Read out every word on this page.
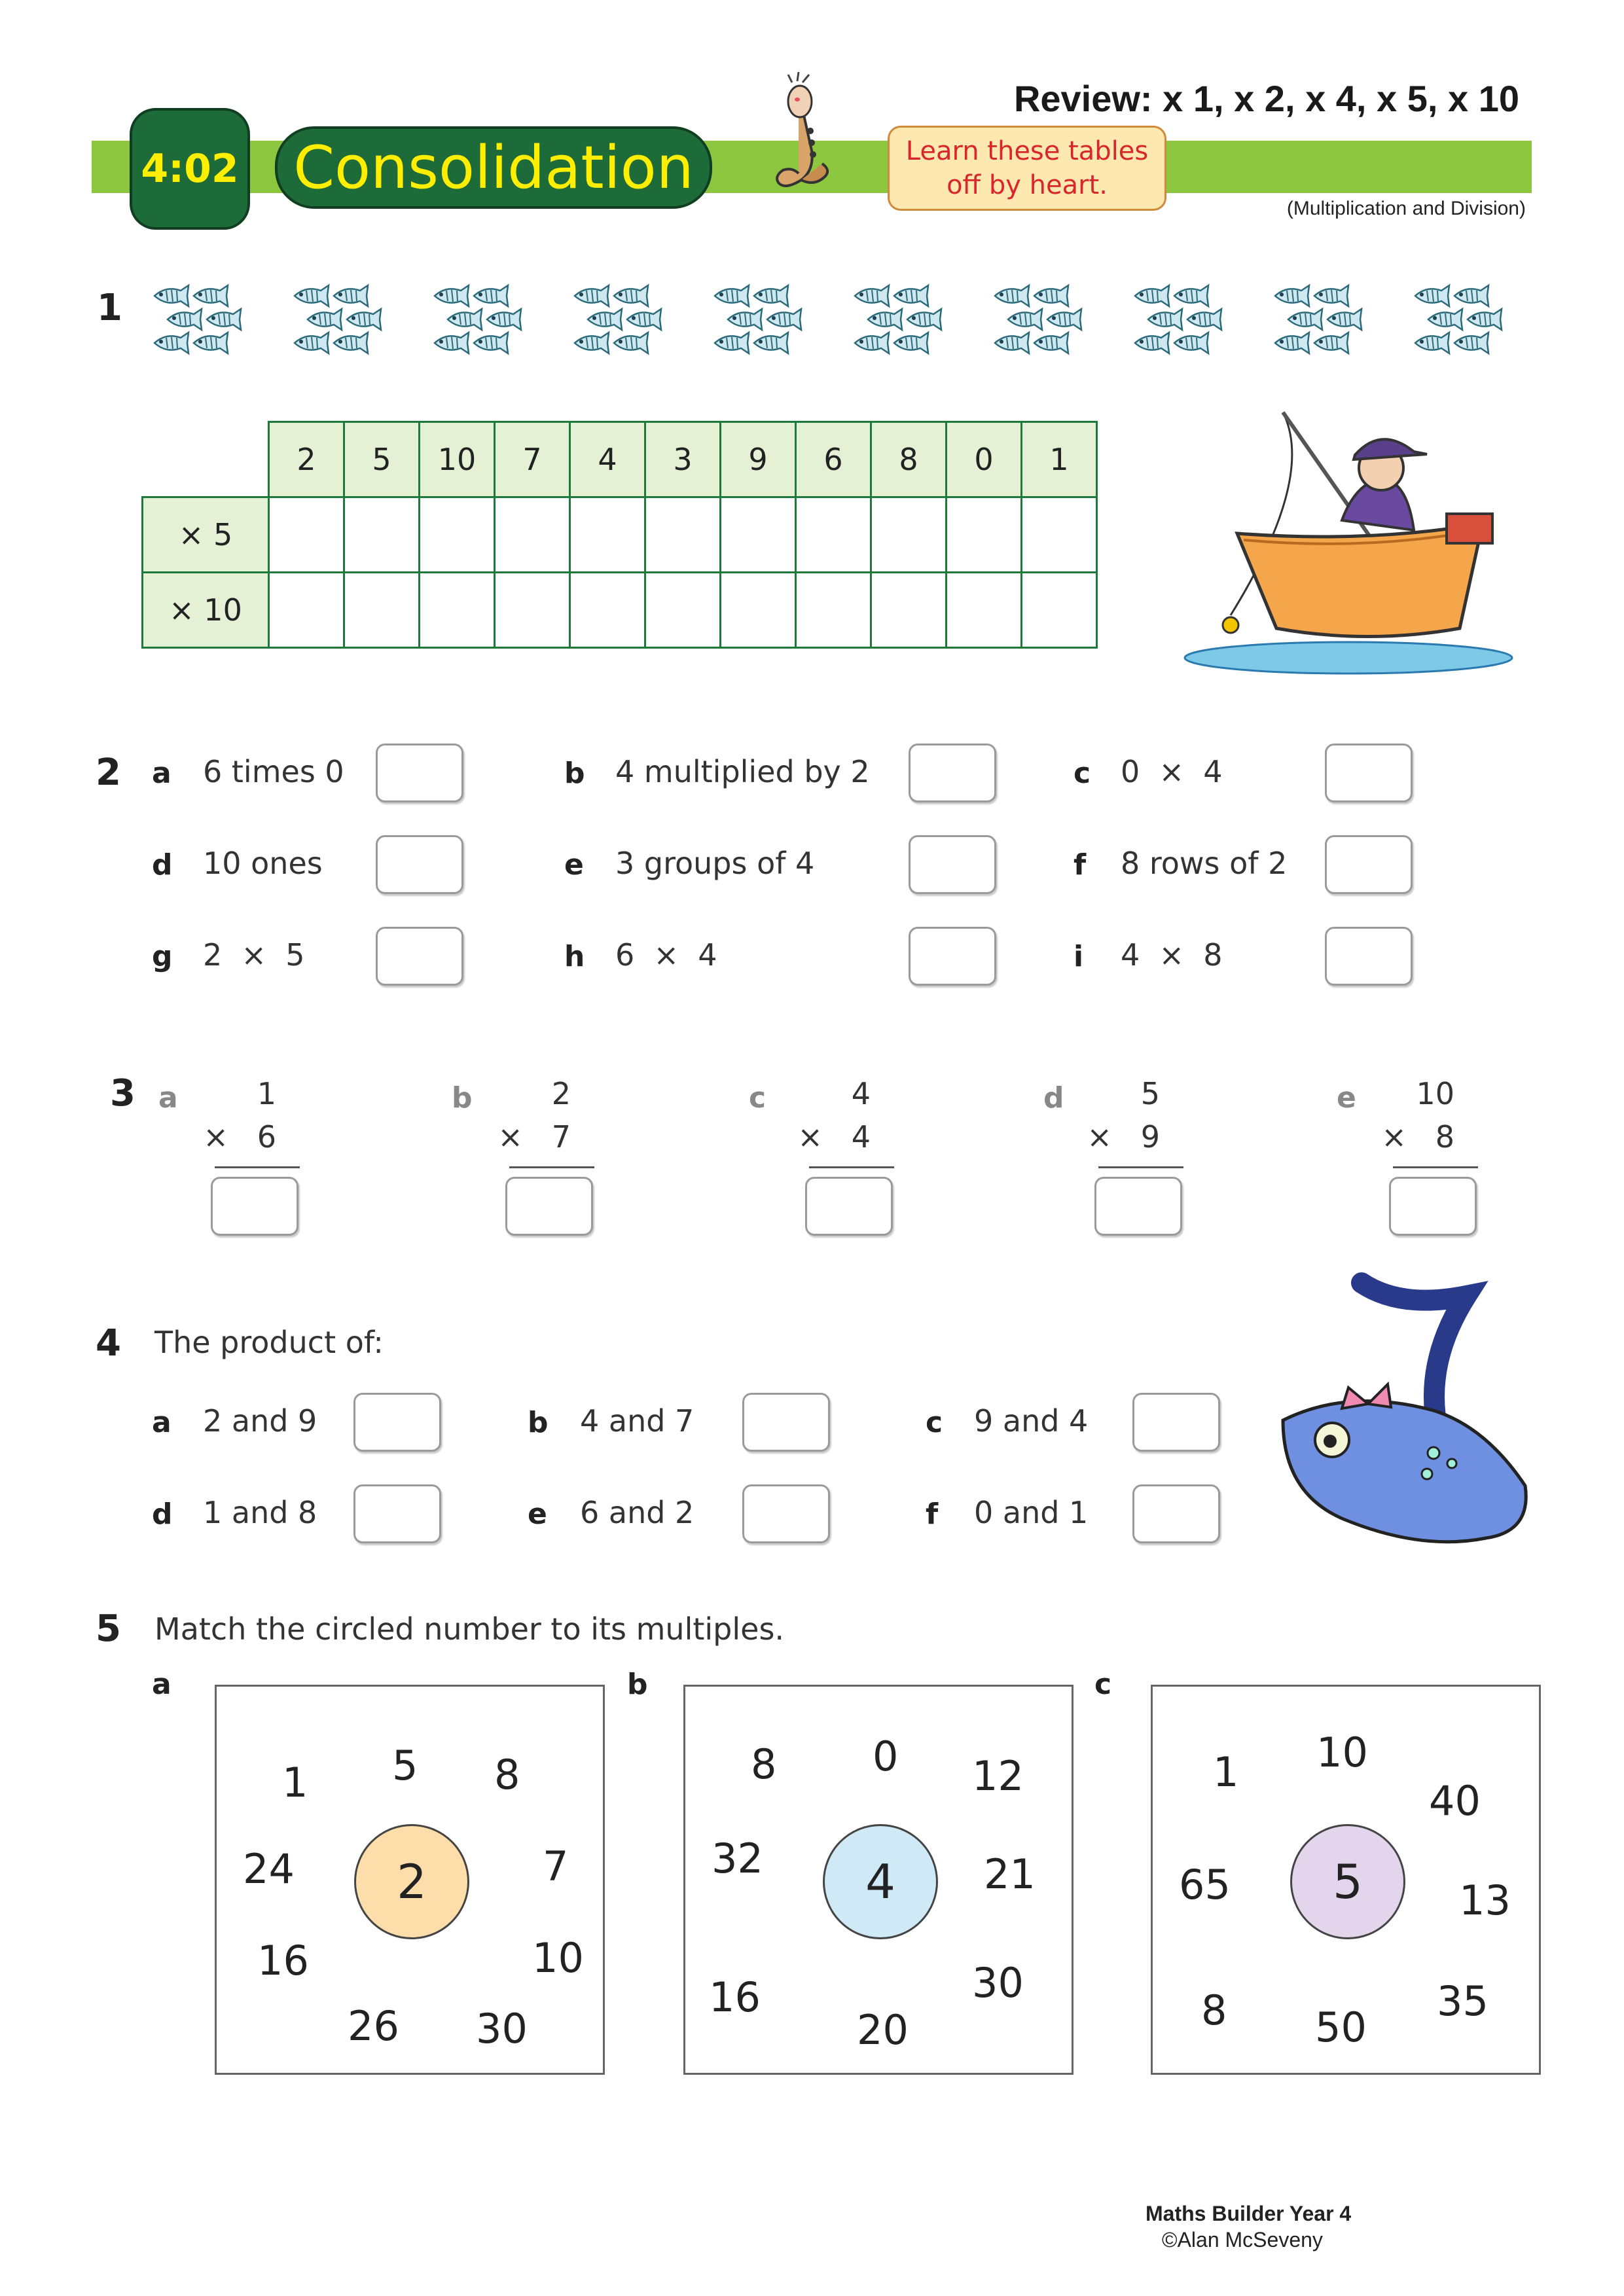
4:02 Consolidation
Review: x 1, x 2, x 4, x 5, x 10
Learn these tables
off by heart.
(Multiplication and Division)
1
	2	5	10	7	4	3	9	6	8	0	1
× 5											
× 10											
2 a 6 times 0	b 4 multiplied by 2	c 0  ×  4
d 10 ones	e 3 groups of 4	f 8 rows of 2
g 2  ×  5	h 6  ×  4	i 4  ×  8
3 a	1
×   6
b	2
×   7
c	4
×   4
d	5
×   9
e	10
×   8
4 The product of:
a 2 and 9	b 4 and 7	c 9 and 4
d 1 and 8	e 6 and 2	f 0 and 1
5 Match the circled number to its multiples.
a
2
1 5 8
24	7
16	10
26 30
b
4
8 0 12
32	21
16	30
20
c
5
1 10
40
65	13
8	35
50
Maths Builder Year 4
©Alan McSeveny
